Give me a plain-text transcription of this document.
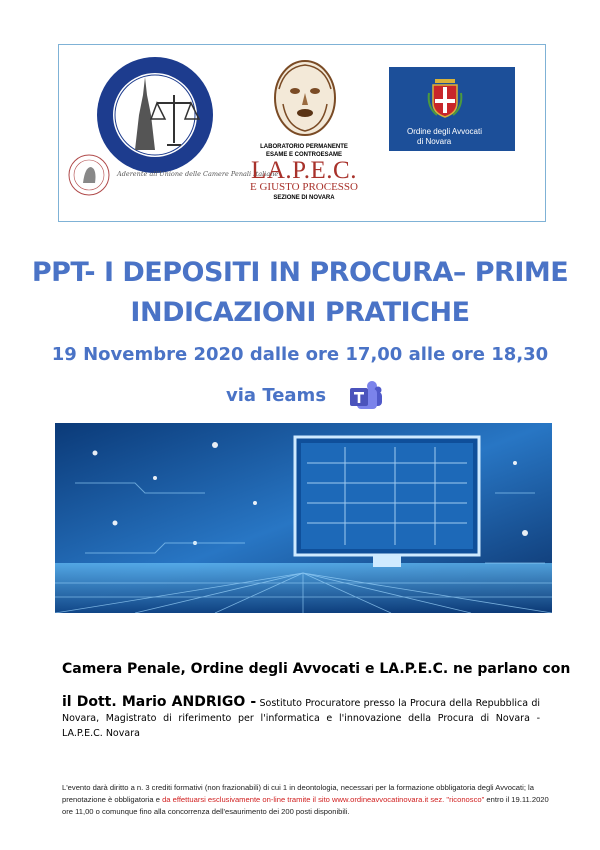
Aderente all'Unione delle Camere Penali Italiane
LABORATORIO PERMANENTE
ESAME E CONTROESAME
LA.P.E.C.
E GIUSTO PROCESSO
SEZIONE DI NOVARA
Ordine degli Avvocati
di Novara
PPT- I DEPOSITI IN PROCURA– PRIME
INDICAZIONI PRATICHE
19 Novembre 2020 dalle ore 17,00 alle ore 18,30
via Teams
Camera Penale, Ordine degli Avvocati e LA.P.E.C. ne parlano con
il Dott. Mario ANDRIGO - Sostituto Procuratore presso la Procura della Repubblica di Novara, Magistrato di riferimento per l'informatica e l'innovazione della Procura di Novara - LA.P.E.C. Novara
L'evento darà diritto a n. 3 crediti formativi (non frazionabili) di cui 1 in deontologia, necessari per la formazione obbligatoria degli Avvocati; la prenotazione è obbligatoria e da effettuarsi esclusivamente on-line tramite il sito www.ordineavvocatinovara.it sez. "riconosco" entro il 19.11.2020 ore 11,00 o comunque fino alla concorrenza dell'esaurimento dei 200 posti disponibili.
